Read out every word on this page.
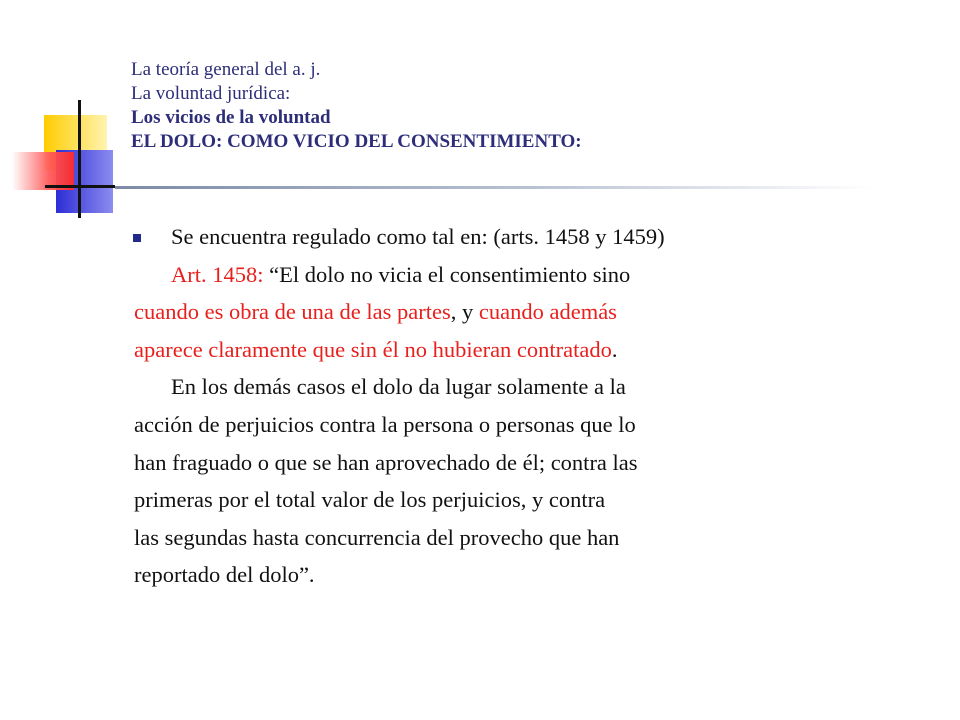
La teoría general del a. j.
La voluntad jurídica:
Los vicios de la voluntad
EL DOLO: COMO VICIO DEL CONSENTIMIENTO:
Se encuentra regulado como tal en: (arts. 1458 y 1459)
Art. 1458: “El dolo no vicia el consentimiento sino
cuando es obra de una de las partes, y cuando además
aparece claramente que sin él no hubieran contratado.
En los demás casos el dolo da lugar solamente a la
acción de perjuicios contra la persona o personas que lo
han fraguado o que se han aprovechado de él; contra las
primeras por el total valor de los perjuicios, y contra
las segundas hasta concurrencia del provecho que han
reportado del dolo”.
